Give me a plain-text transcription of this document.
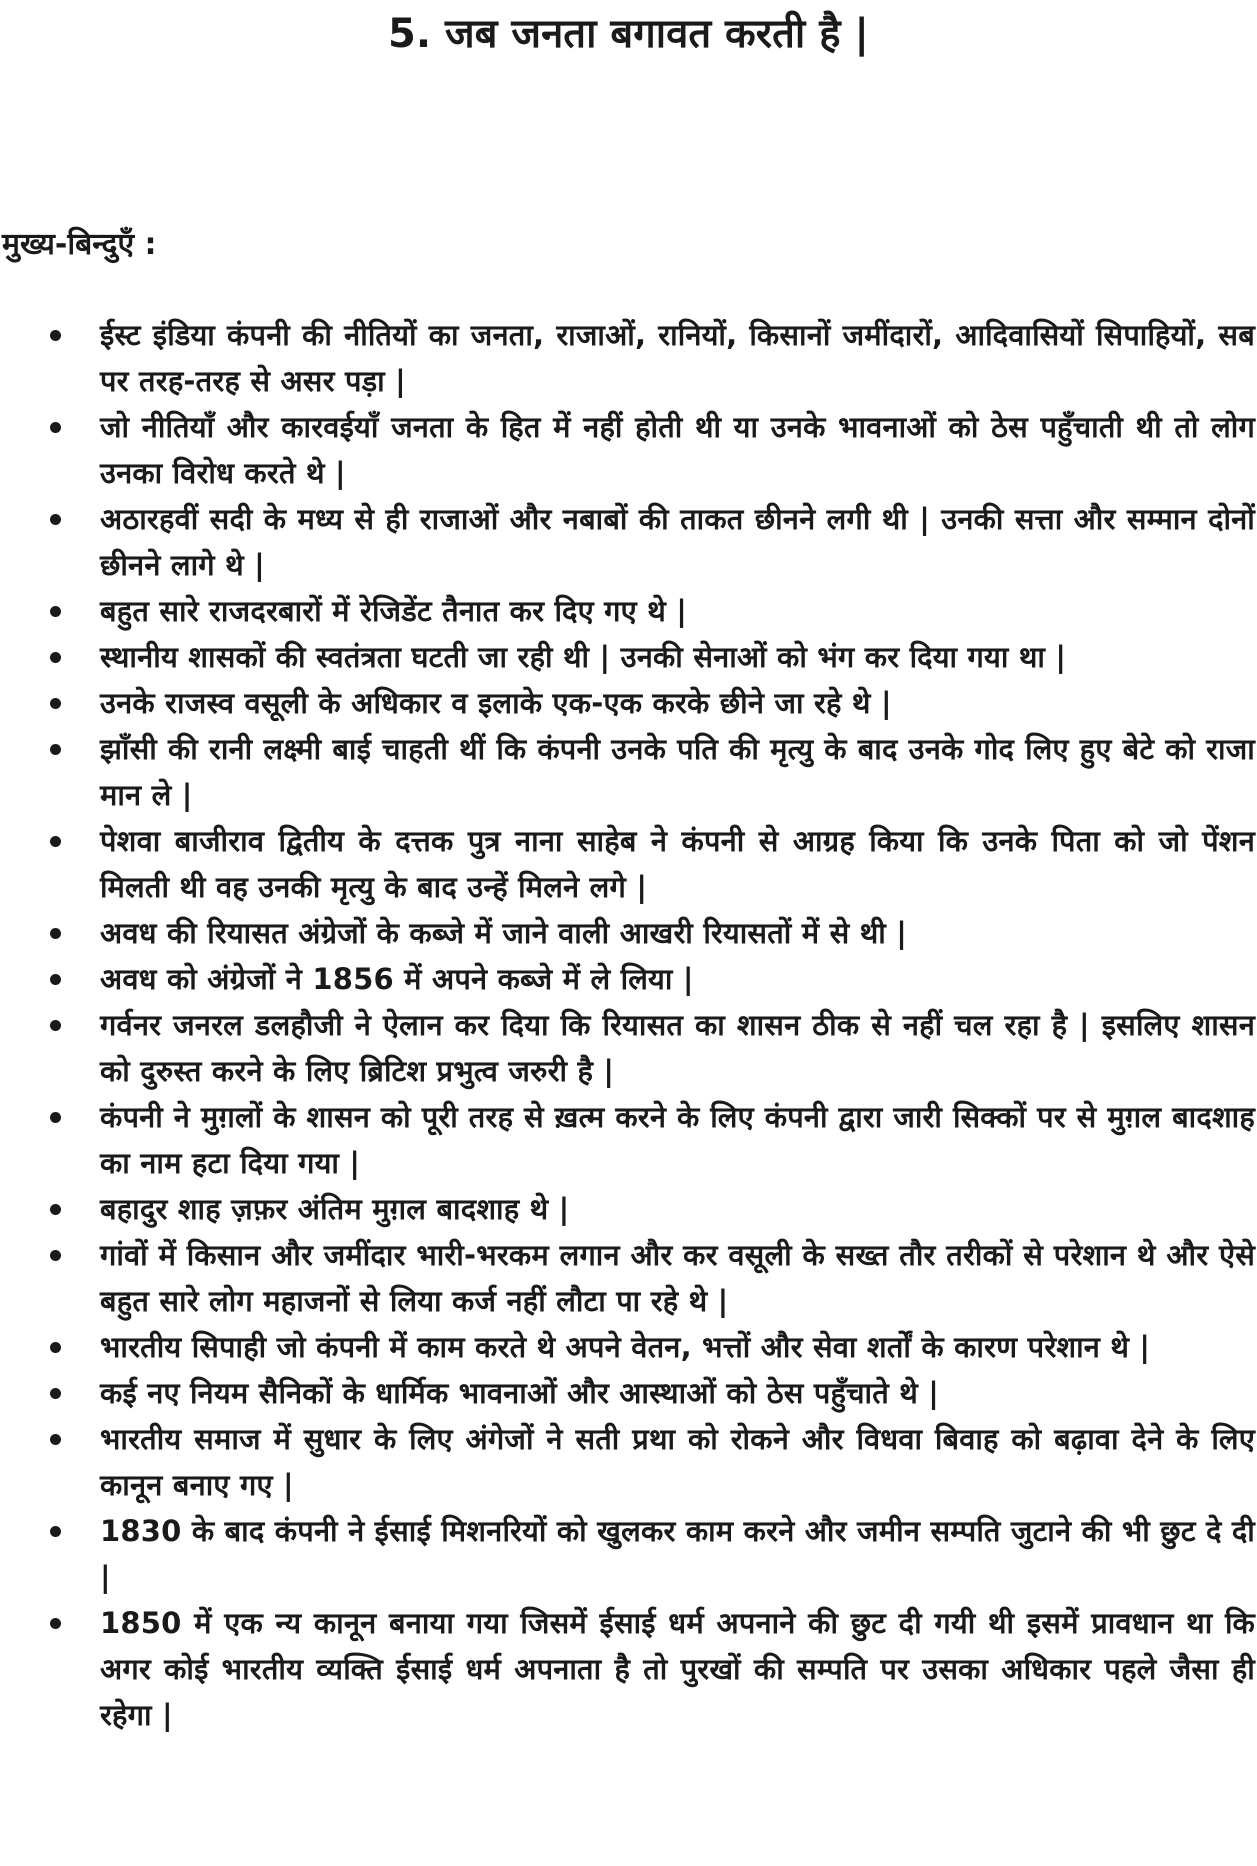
5. जब जनता बगावत करती है |
मुख्य-बिन्दुएँ :
ईस्ट इंडिया कंपनी की नीतियों का जनता, राजाओं, रानियों, किसानों जमींदारों, आदिवासियों सिपाहियों, सब पर तरह-तरह से असर पड़ा |
जो नीतियाँ और कारवईयाँ जनता के हित में नहीं होती थी या उनके भावनाओं को ठेस पहुँचाती थी तो लोग उनका विरोध करते थे |
अठारहवीं सदी के मध्य से ही राजाओं और नबाबों की ताकत छीनने लगी थी | उनकी सत्ता और सम्मान दोनों छीनने लागे थे |
बहुत सारे राजदरबारों में रेजिडेंट तैनात कर दिए गए थे |
स्थानीय शासकों की स्वतंत्रता घटती जा रही थी | उनकी सेनाओं को भंग कर दिया गया था |
उनके राजस्व वसूली के अधिकार व इलाके एक-एक करके छीने जा रहे थे |
झाँसी की रानी लक्ष्मी बाई चाहती थीं कि कंपनी उनके पति की मृत्यु के बाद उनके गोद लिए हुए बेटे को राजा मान ले |
पेशवा बाजीराव द्वितीय के दत्तक पुत्र नाना साहेब ने कंपनी से आग्रह किया कि उनके पिता को जो पेंशन मिलती थी वह उनकी मृत्यु के बाद उन्हें मिलने लगे |
अवध की रियासत अंग्रेजों के कब्जे में जाने वाली आखरी रियासतों में से थी |
अवध को अंग्रेजों ने 1856 में अपने कब्जे में ले लिया |
गर्वनर जनरल डलहौजी ने ऐलान कर दिया कि रियासत का शासन ठीक से नहीं चल रहा है | इसलिए शासन को दुरुस्त करने के लिए ब्रिटिश प्रभुत्व जरुरी है |
कंपनी ने मुग़लों के शासन को पूरी तरह से ख़त्म करने के लिए कंपनी द्वारा जारी सिक्कों पर से मुग़ल बादशाह का नाम हटा दिया गया |
बहादुर शाह ज़फ़र अंतिम मुग़ल बादशाह थे |
गांवों में किसान और जमींदार भारी-भरकम लगान और कर वसूली के सख्त तौर तरीकों से परेशान थे और ऐसे बहुत सारे लोग महाजनों से लिया कर्ज नहीं लौटा पा रहे थे |
भारतीय सिपाही जो कंपनी में काम करते थे अपने वेतन, भत्तों और सेवा शर्तों के कारण परेशान थे |
कई नए नियम सैनिकों के धार्मिक भावनाओं और आस्थाओं को ठेस पहुँचाते थे |
भारतीय समाज में सुधार के लिए अंगेजों ने सती प्रथा को रोकने और विधवा बिवाह को बढ़ावा देने के लिए कानून बनाए गए |
1830 के बाद कंपनी ने ईसाई मिशनरियों को खुलकर काम करने और जमीन सम्पति जुटाने की भी छुट दे दी |
1850 में एक न्य कानून बनाया गया जिसमें ईसाई धर्म अपनाने की छुट दी गयी थी इसमें प्रावधान था कि अगर कोई भारतीय व्यक्ति ईसाई धर्म अपनाता है तो पुरखों की सम्पति पर उसका अधिकार पहले जैसा ही रहेगा |
